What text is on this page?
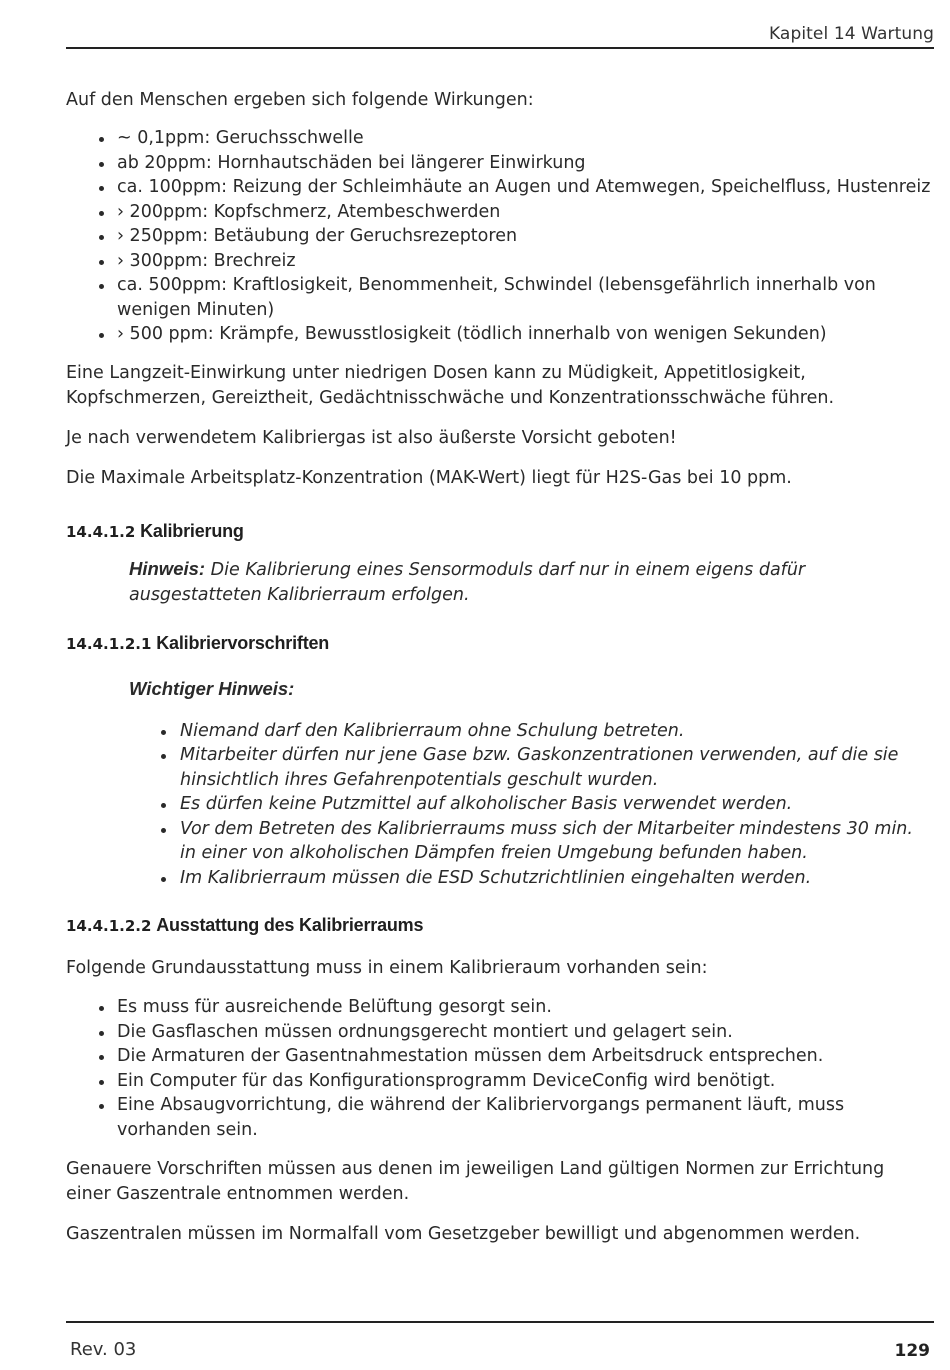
Kapitel 14 Wartung

Auf den Menschen ergeben sich folgende Wirkungen:

~ 0,1ppm: Geruchsschwelle
ab 20ppm: Hornhautschäden bei längerer Einwirkung
ca. 100ppm: Reizung der Schleimhäute an Augen und Atemwegen, Speichelfluss, Hustenreiz
› 200ppm: Kopfschmerz, Atembeschwerden
› 250ppm: Betäubung der Geruchsrezeptoren
› 300ppm: Brechreiz
ca. 500ppm: Kraftlosigkeit, Benommenheit, Schwindel (lebensgefährlich innerhalb von wenigen Minuten)
› 500 ppm: Krämpfe, Bewusstlosigkeit (tödlich innerhalb von wenigen Sekunden)

Eine Langzeit-Einwirkung unter niedrigen Dosen kann zu Müdigkeit, Appetitlosigkeit, Kopfschmerzen, Gereiztheit, Gedächtnisschwäche und Konzentrationsschwäche führen.

Je nach verwendetem Kalibriergas ist also äußerste Vorsicht geboten!

Die Maximale Arbeitsplatz-Konzentration (MAK-Wert) liegt für H2S-Gas bei 10 ppm.

14.4.1.2 Kalibrierung

Hinweis: Die Kalibrierung eines Sensormoduls darf nur in einem eigens dafür ausgestatteten Kalibrierraum erfolgen.

14.4.1.2.1 Kalibriervorschriften

Wichtiger Hinweis:

Niemand darf den Kalibrierraum ohne Schulung betreten.
Mitarbeiter dürfen nur jene Gase bzw. Gaskonzentrationen verwenden, auf die sie hinsichtlich ihres Gefahrenpotentials geschult wurden.
Es dürfen keine Putzmittel auf alkoholischer Basis verwendet werden.
Vor dem Betreten des Kalibrierraums muss sich der Mitarbeiter mindestens 30 min. in einer von alkoholischen Dämpfen freien Umgebung befunden haben.
Im Kalibrierraum müssen die ESD Schutzrichtlinien eingehalten werden.
14.4.1.2.2 Ausstattung des Kalibrierraums

Folgende Grundausstattung muss in einem Kalibrieraum vorhanden sein:

Es muss für ausreichende Belüftung gesorgt sein.
Die Gasflaschen müssen ordnungsgerecht montiert und gelagert sein.
Die Armaturen der Gasentnahmestation müssen dem Arbeitsdruck entsprechen.
Ein Computer für das Konfigurationsprogramm DeviceConfig wird benötigt.
Eine Absaugvorrichtung, die während der Kalibriervorgangs permanent läuft, muss vorhanden sein.

Genauere Vorschriften müssen aus denen im jeweiligen Land gültigen Normen zur Errichtung einer Gaszentrale entnommen werden.

Gaszentralen müssen im Normalfall vom Gesetzgeber bewilligt und abgenommen werden.

Rev. 03	129
